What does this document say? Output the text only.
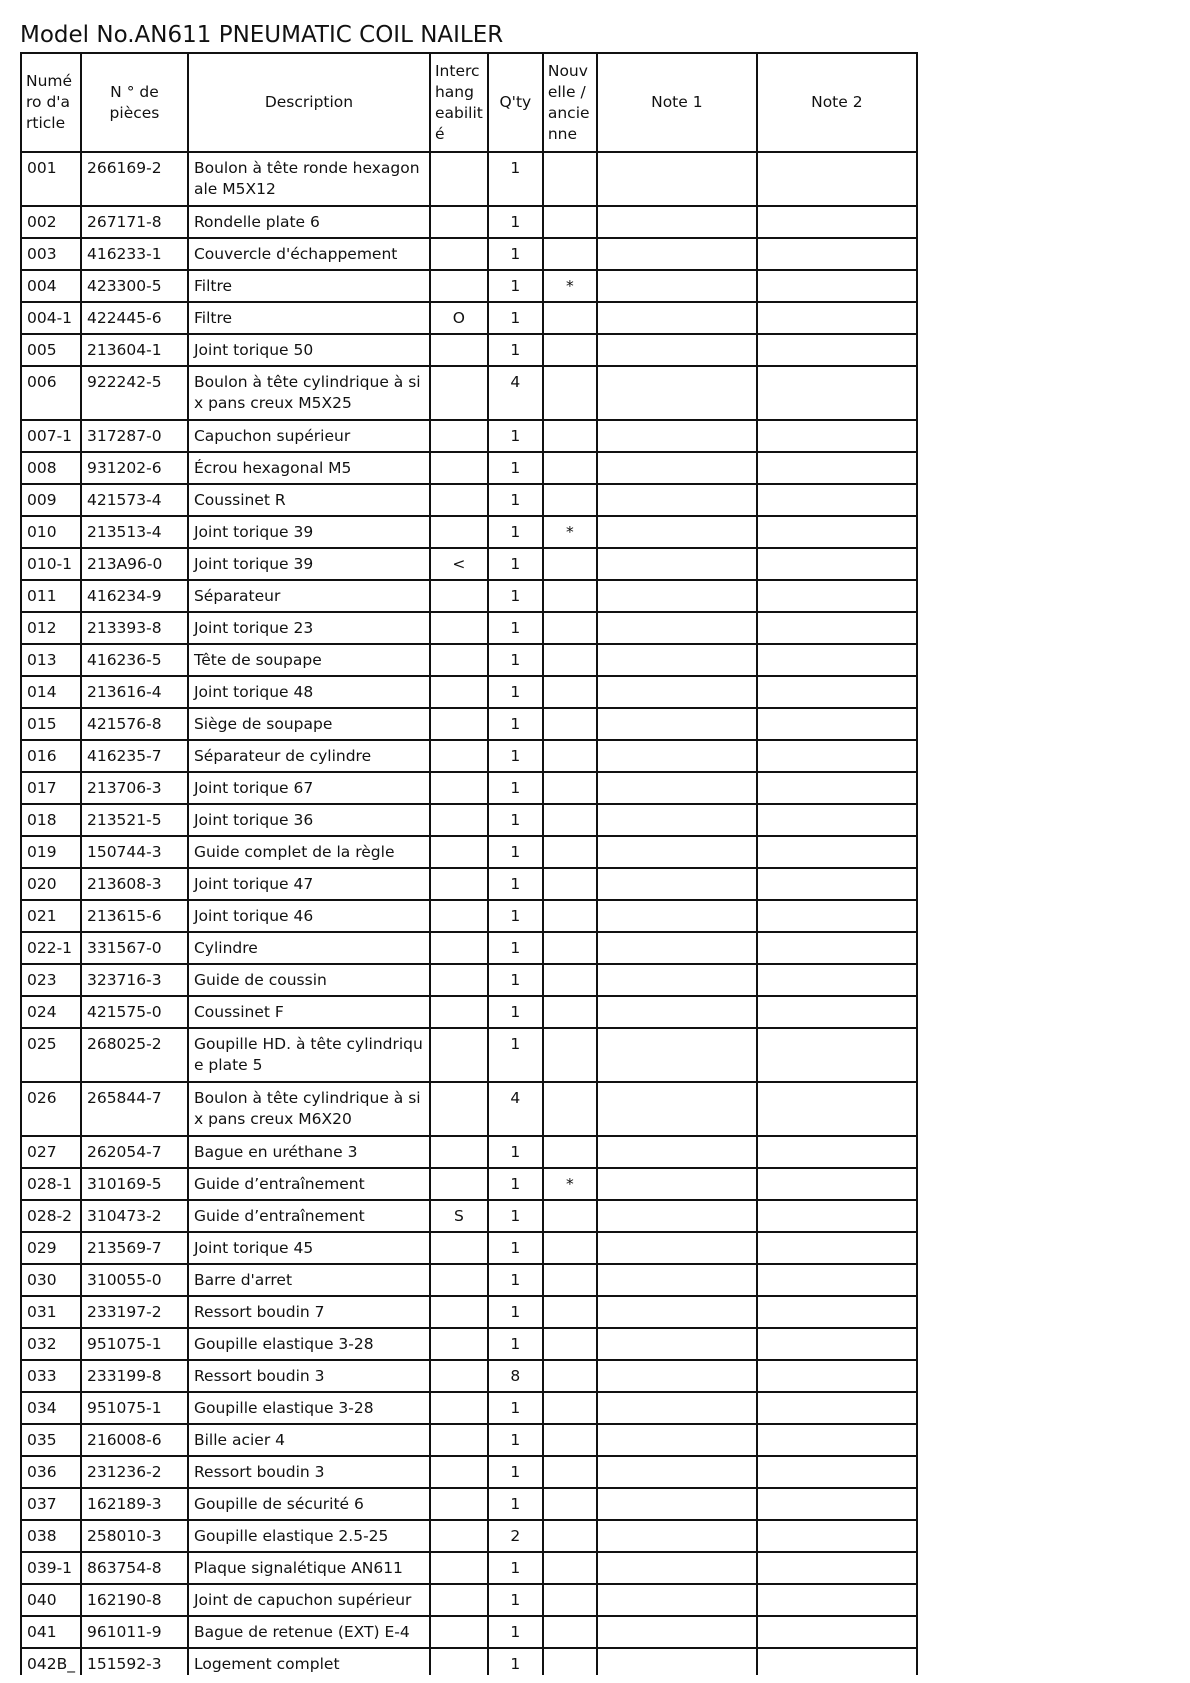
Model No.AN611 PNEUMATIC COIL NAILER
Numé ro d'a rticle	N ° de pièces	Description	Interc hang eabilit é	Q'ty	Nouv elle / ancie nne	Note 1	Note 2
001	266169-2	Boulon à tête ronde hexagonale M5X12		1			
002	267171-8	Rondelle plate 6		1			
003	416233-1	Couvercle d'échappement		1			
004	423300-5	Filtre		1	*		
004-1	422445-6	Filtre	O	1			
005	213604-1	Joint torique 50		1			
006	922242-5	Boulon à tête cylindrique à six pans creux M5X25		4			
007-1	317287-0	Capuchon supérieur		1			
008	931202-6	Écrou hexagonal M5		1			
009	421573-4	Coussinet R		1			
010	213513-4	Joint torique 39		1	*		
010-1	213A96-0	Joint torique 39	<	1			
011	416234-9	Séparateur		1			
012	213393-8	Joint torique 23		1			
013	416236-5	Tête de soupape		1			
014	213616-4	Joint torique 48		1			
015	421576-8	Siège de soupape		1			
016	416235-7	Séparateur de cylindre		1			
017	213706-3	Joint torique 67		1			
018	213521-5	Joint torique 36		1			
019	150744-3	Guide complet de la règle		1			
020	213608-3	Joint torique 47		1			
021	213615-6	Joint torique 46		1			
022-1	331567-0	Cylindre		1			
023	323716-3	Guide de coussin		1			
024	421575-0	Coussinet F		1			
025	268025-2	Goupille HD. à tête cylindrique plate 5		1			
026	265844-7	Boulon à tête cylindrique à six pans creux M6X20		4			
027	262054-7	Bague en uréthane 3		1			
028-1	310169-5	Guide d’entraînement		1	*		
028-2	310473-2	Guide d’entraînement	S	1			
029	213569-7	Joint torique 45		1			
030	310055-0	Barre d'arret		1			
031	233197-2	Ressort boudin 7		1			
032	951075-1	Goupille elastique 3-28		1			
033	233199-8	Ressort boudin 3		8			
034	951075-1	Goupille elastique 3-28		1			
035	216008-6	Bille acier 4		1			
036	231236-2	Ressort boudin 3		1			
037	162189-3	Goupille de sécurité 6		1			
038	258010-3	Goupille elastique 2.5-25		2			
039-1	863754-8	Plaque signalétique AN611		1			
040	162190-8	Joint de capuchon supérieur		1			
041	961011-9	Bague de retenue (EXT) E-4		1			
042B_	151592-3	Logement complet		1			
